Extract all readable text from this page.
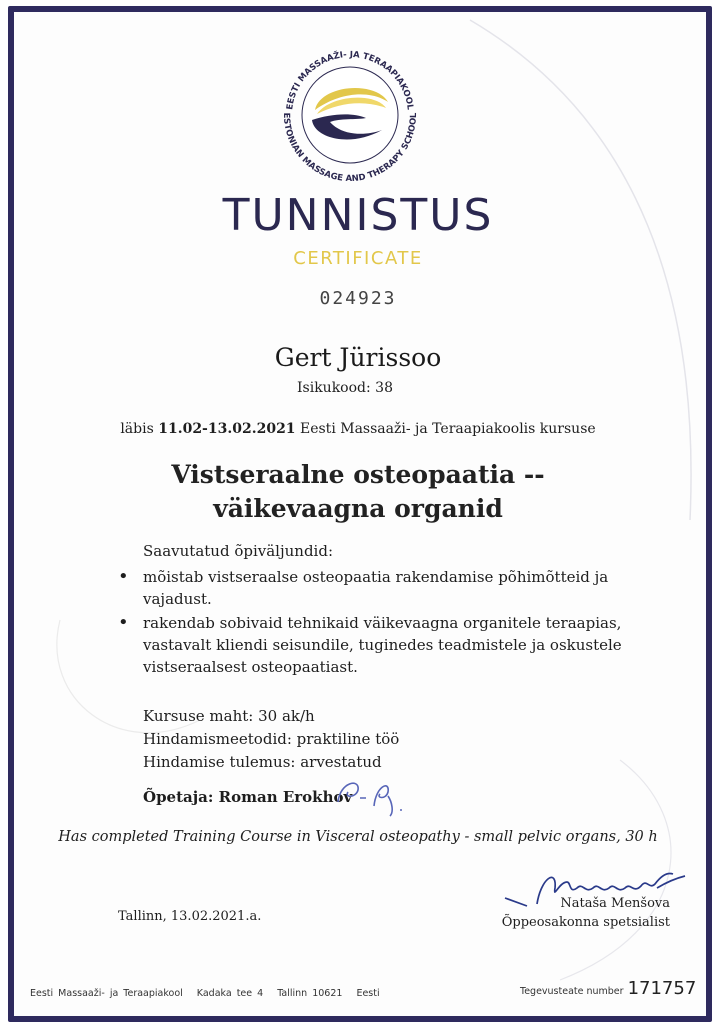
EESTI MASSAAŽI- JA TERAAPIAKOOL
ESTONIAN MASSAGE AND THERAPY SCHOOL
TUNNISTUS
CERTIFICATE
024923
Gert Jürissoo
Isikukood: 38
läbis 11.02-13.02.2021 Eesti Massaaži- ja Teraapiakoolis kursuse
Vistseraalne osteopaatia -- väikevaagna organid
Saavutatud õpiväljundid:
• mõistab vistseraalse osteopaatia rakendamise põhimõtteid ja vajadust.
• rakendab sobivaid tehnikaid väikevaagna organitele teraapias, vastavalt kliendi seisundile, tuginedes teadmistele ja oskustele vistseraalsest osteopaatiast.
Kursuse maht: 30 ak/h
Hindamismeetodid: praktiline töö
Hindamise tulemus: arvestatud
Õpetaja: Roman Erokhov
Has completed Training Course in Visceral osteopathy - small pelvic organs, 30 h
Tallinn, 13.02.2021.a.
Nataša Menšova
Õppeosakonna spetsialist
Eesti Massaaži- ja Teraapiakool Kadaka tee 4 Tallinn 10621 Eesti	Tegevusteate number 171757
